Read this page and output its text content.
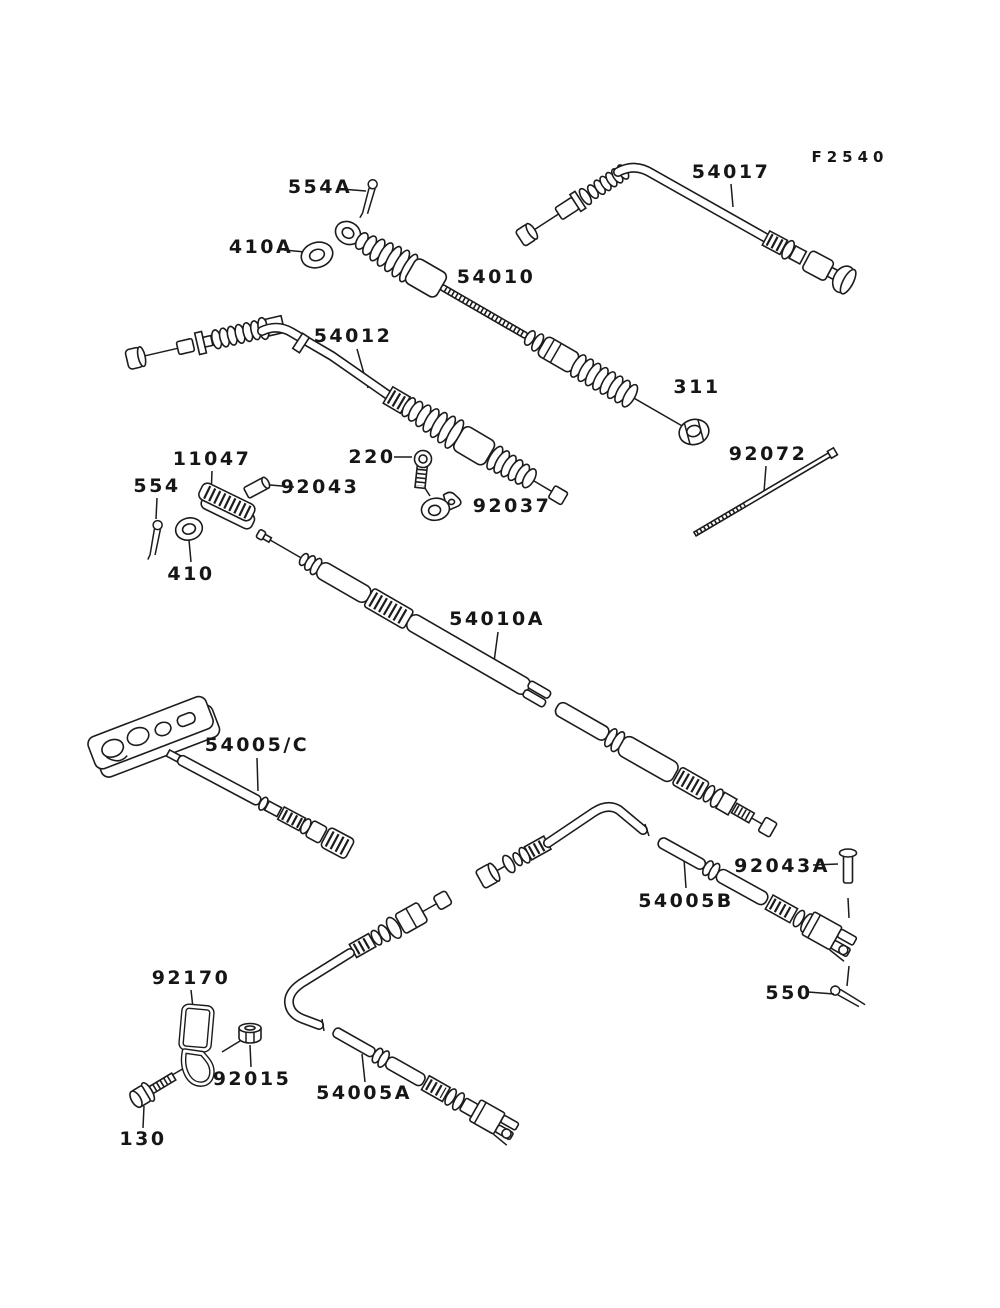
F2540
554A
410A
54010
54017
54012
311
92072
11047
554	92043
220
92037
410
54010A
54005/C
92043A
54005B
550
92170
92015
130
54005A
